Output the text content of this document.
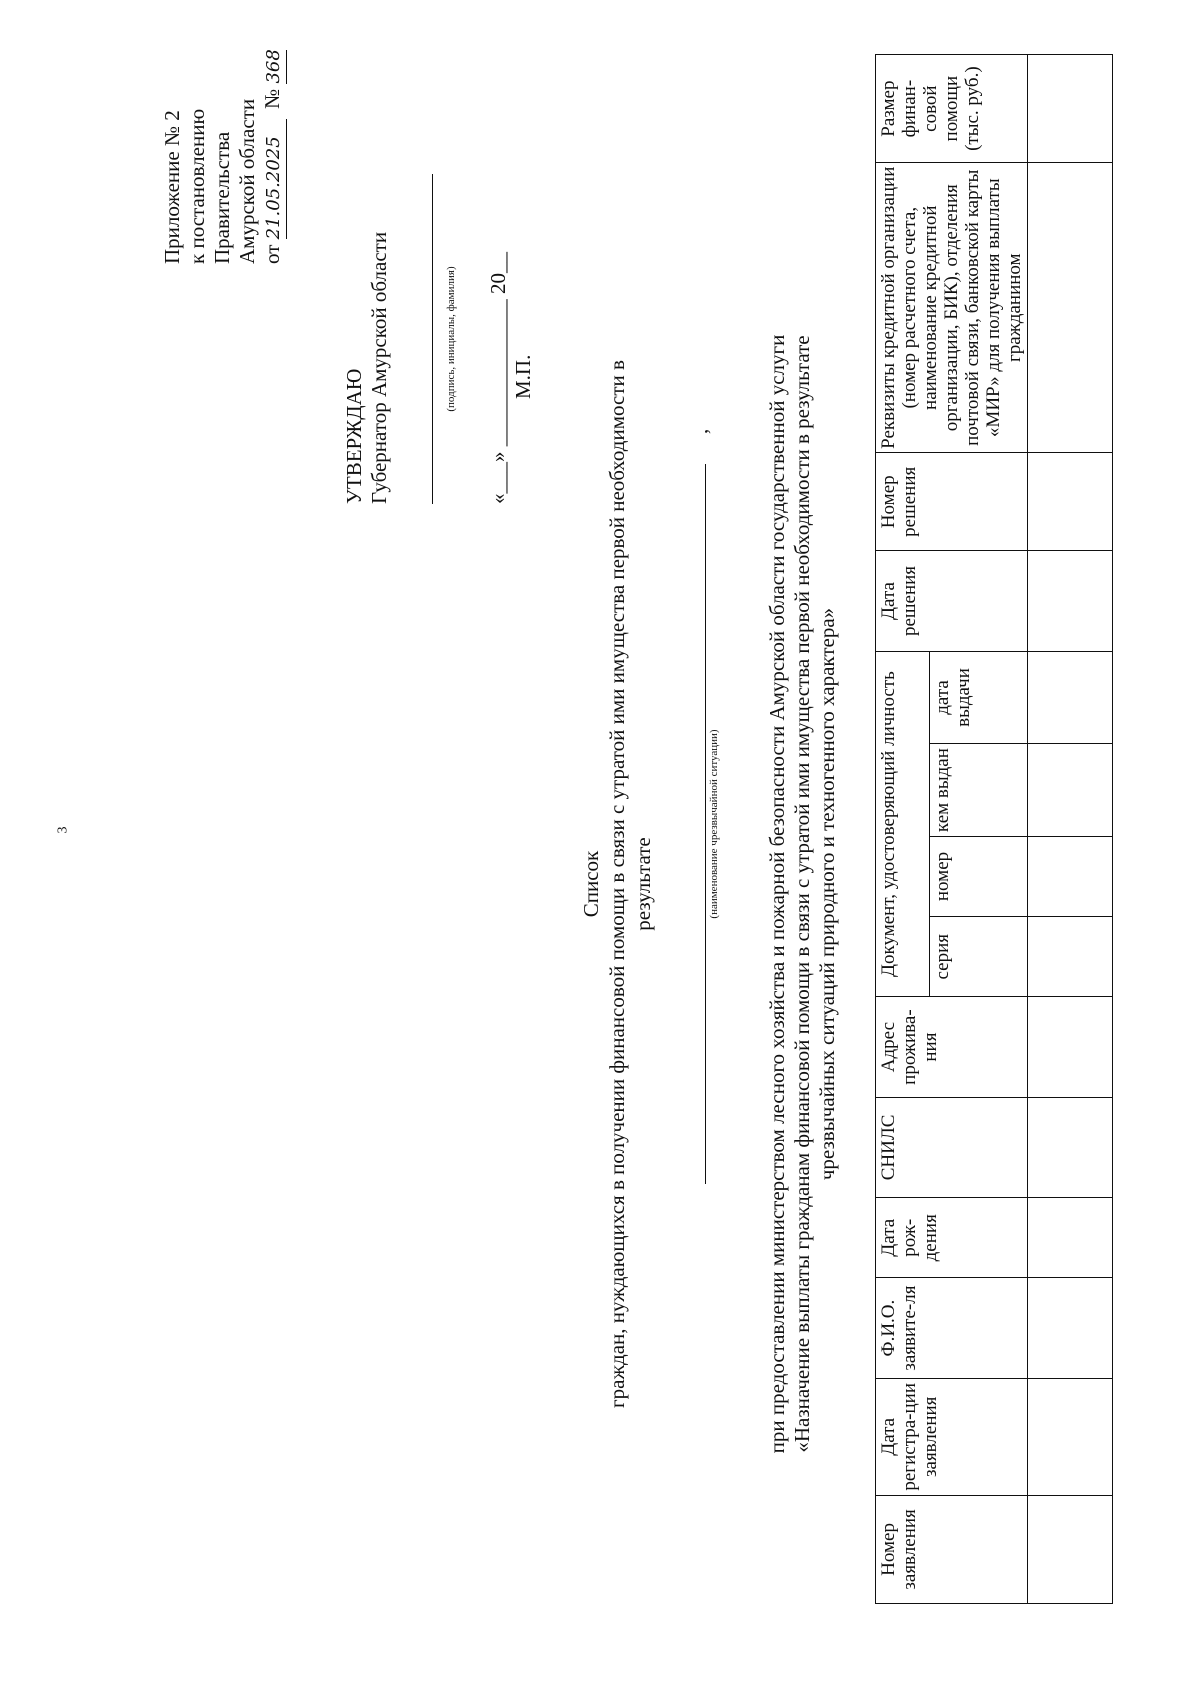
3
Приложение № 2 к постановлению Правительства Амурской области от 21.05.2025  № 368
УТВЕРЖДАЮ Губернатор Амурской области	(подпись, инициалы, фамилия)	«___» ______________ 20__ М.П.
Список граждан, нуждающихся в получении финансовой помощи в связи с утратой ими имущества первой необходимости в результате	(наименование чрезвычайной ситуации)
,	при предоставлении министерством лесного хозяйства и пожарной безопасности Амурской области государственной услуги «Назначение выплаты гражданам финансовой помощи в связи с утратой ими имущества первой необходимости в результате чрезвычайных ситуаций природного и техногенного характера»
Номер заявления	Дата регистра-ции заявления	Ф.И.О. заявите-ля	Дата рож-дения	СНИЛС	Адрес прожива-ния	Документ, удостоверяющий личность				Дата решения	Номер решения	Реквизиты кредитной организации (номер расчетного счета, наименование кредитной организации, БИК), отделения почтовой связи, банковской карты «МИР» для получения выплаты гражданином	Размер финан-совой помощи (тыс. руб.)
						серия	номер	кем выдан	дата выдачи				
